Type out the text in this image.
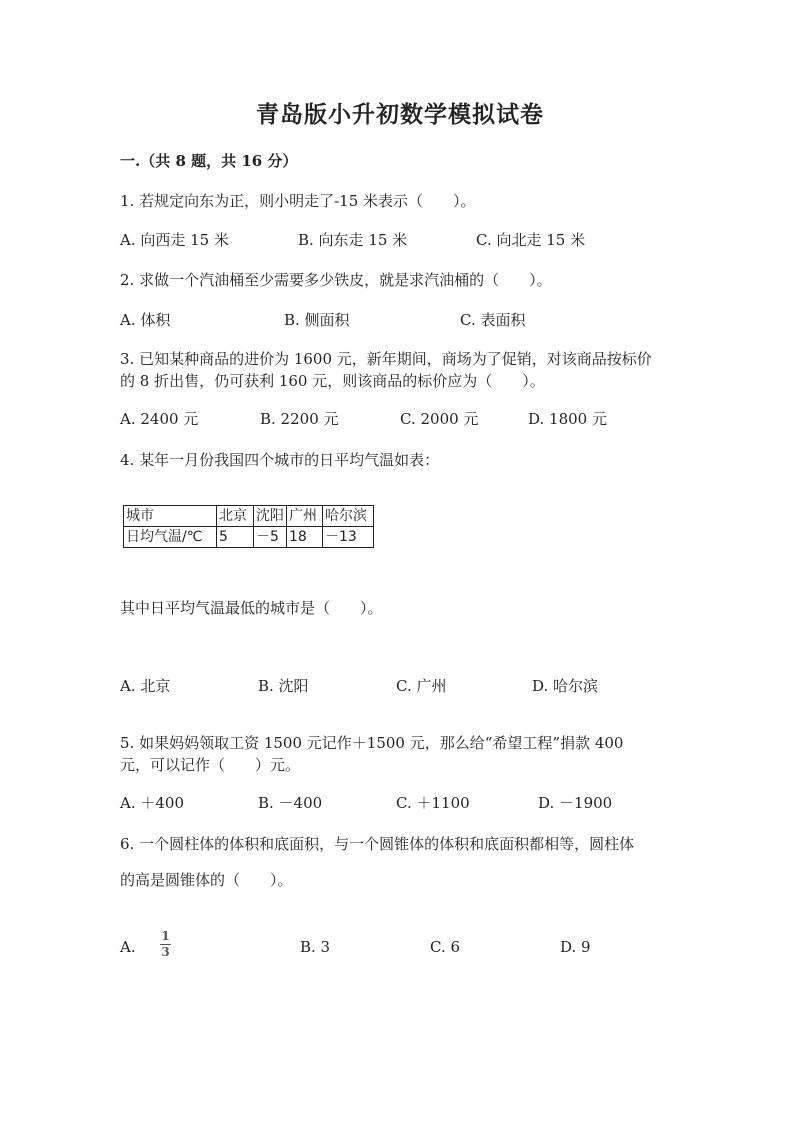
青岛版小升初数学模拟试卷
一.（共 8 题，共 16 分）
1. 若规定向东为正，则小明走了-15 米表示（　　）。
A. 向西走 15 米	B. 向东走 15 米	C. 向北走 15 米
2. 求做一个汽油桶至少需要多少铁皮，就是求汽油桶的（　　）。
A. 体积	B. 侧面积	C. 表面积
3. 已知某种商品的进价为 1600 元，新年期间，商场为了促销，对该商品按标价
的 8 折出售，仍可获利 160 元，则该商品的标价应为（　　）。
A. 2400 元	B. 2200 元	C. 2000 元	D. 1800 元
4. 某年一月份我国四个城市的日平均气温如表：
城市	北京	沈阳	广州	哈尔滨
日均气温/℃	5	－5	18	－13
其中日平均气温最低的城市是（　　）。
A. 北京	B. 沈阳	C. 广州	D. 哈尔滨
5. 如果妈妈领取工资 1500 元记作＋1500 元，那么给“希望工程”捐款 400
元，可以记作（　　）元。
A. ＋400	B. －400	C. ＋1100	D. －1900
6. 一个圆柱体的体积和底面积，与一个圆锥体的体积和底面积都相等，圆柱体
的高是圆锥体的（　　）。
A. $\frac{1}{3}$	B. 3	C. 6	D. 9
